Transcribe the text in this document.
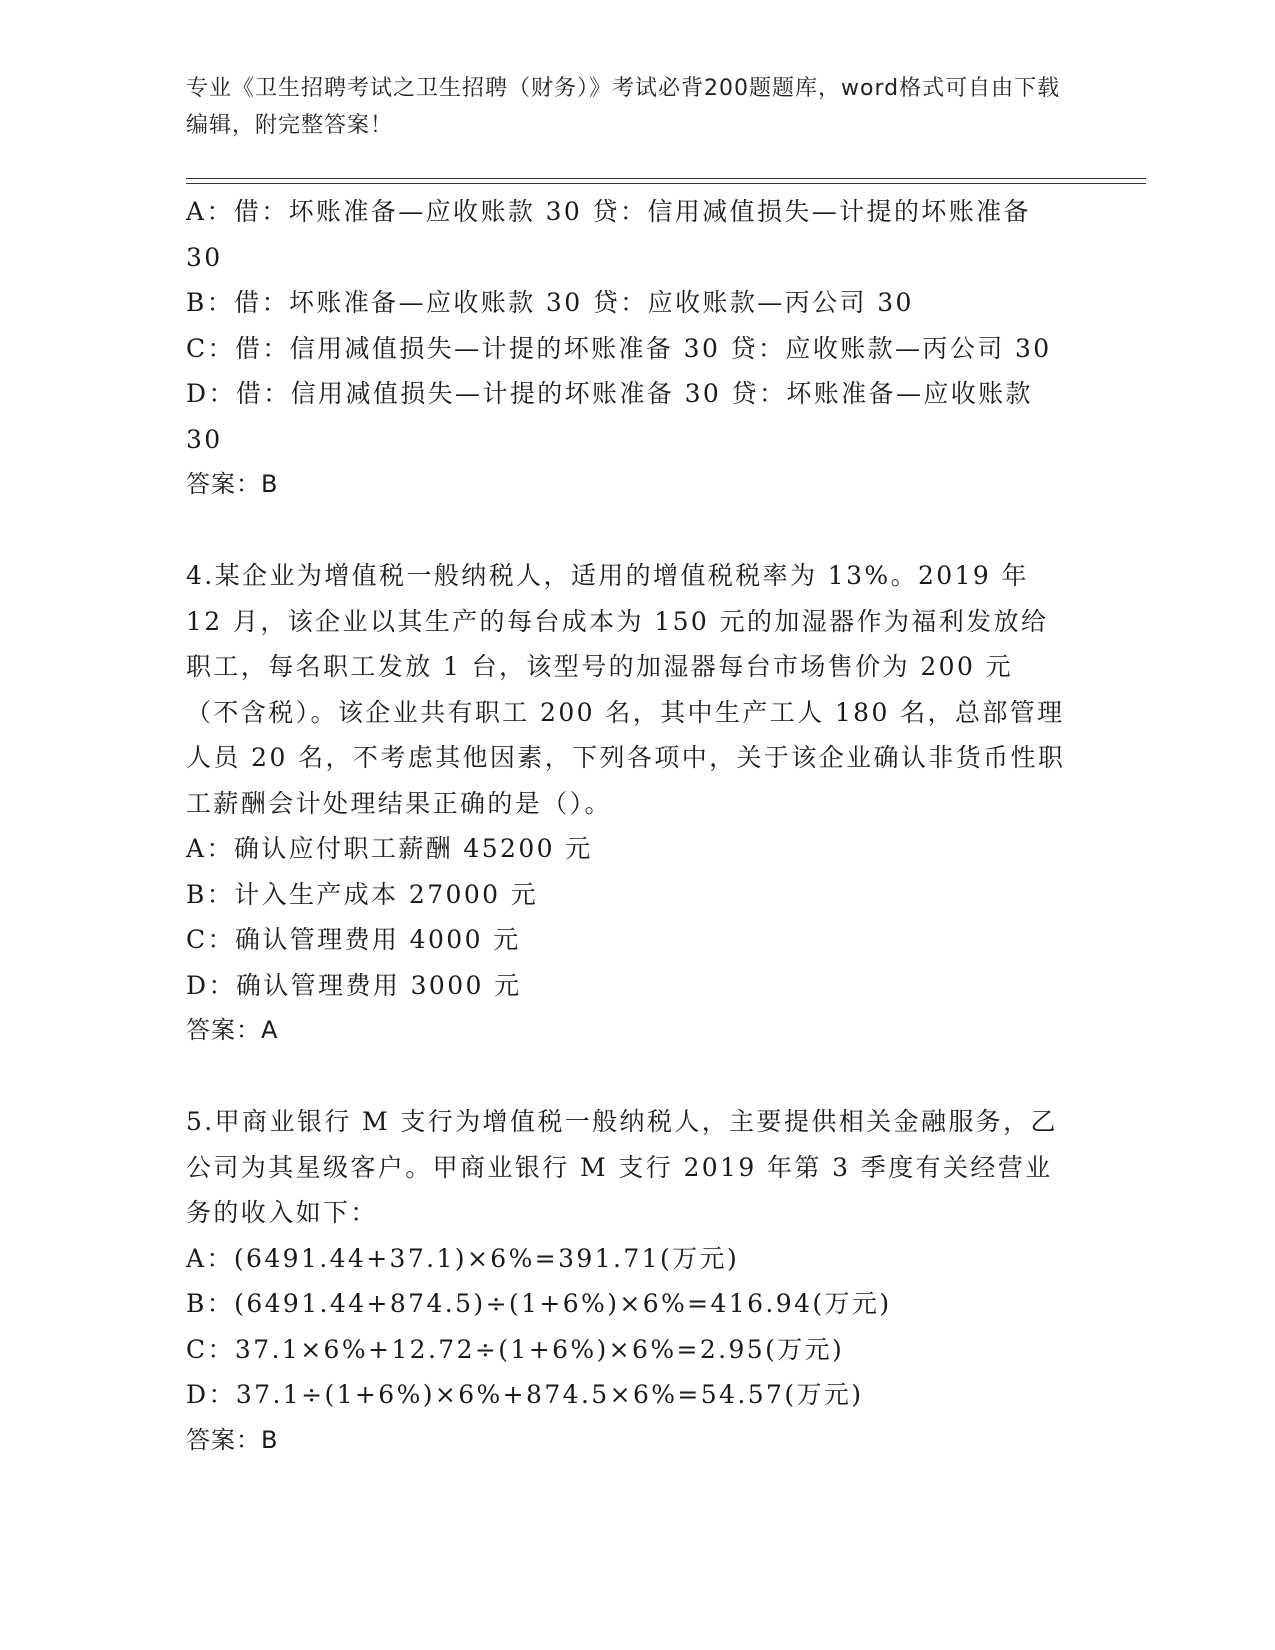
专业《卫生招聘考试之卫生招聘（财务）》考试必背200题题库，word格式可自由下载编辑，附完整答案！

A：借：坏账准备—应收账款 30 贷：信用减值损失—计提的坏账准备 30

B：借：坏账准备—应收账款 30 贷：应收账款—丙公司 30

C：借：信用减值损失—计提的坏账准备 30 贷：应收账款—丙公司 30

D：借：信用减值损失—计提的坏账准备 30 贷：坏账准备—应收账款 30

答案：B

4.某企业为增值税一般纳税人，适用的增值税税率为 13%。2019 年 12 月，该企业以其生产的每台成本为 150 元的加湿器作为福利发放给职工，每名职工发放 1 台，该型号的加湿器每台市场售价为 200 元（不含税）。该企业共有职工 200 名，其中生产工人 180 名，总部管理人员 20 名，不考虑其他因素，下列各项中，关于该企业确认非货币性职工薪酬会计处理结果正确的是（）。

A：确认应付职工薪酬 45200 元

B：计入生产成本 27000 元

C：确认管理费用 4000 元

D：确认管理费用 3000 元

答案：A

5.甲商业银行 M 支行为增值税一般纳税人，主要提供相关金融服务，乙公司为其星级客户。甲商业银行 M 支行 2019 年第 3 季度有关经营业务的收入如下：

A：(6491.44+37.1)×6%=391.71(万元)

B：(6491.44+874.5)÷(1+6%)×6%=416.94(万元)

C：37.1×6%+12.72÷(1+6%)×6%=2.95(万元)

D：37.1÷(1+6%)×6%+874.5×6%=54.57(万元)

答案：B
